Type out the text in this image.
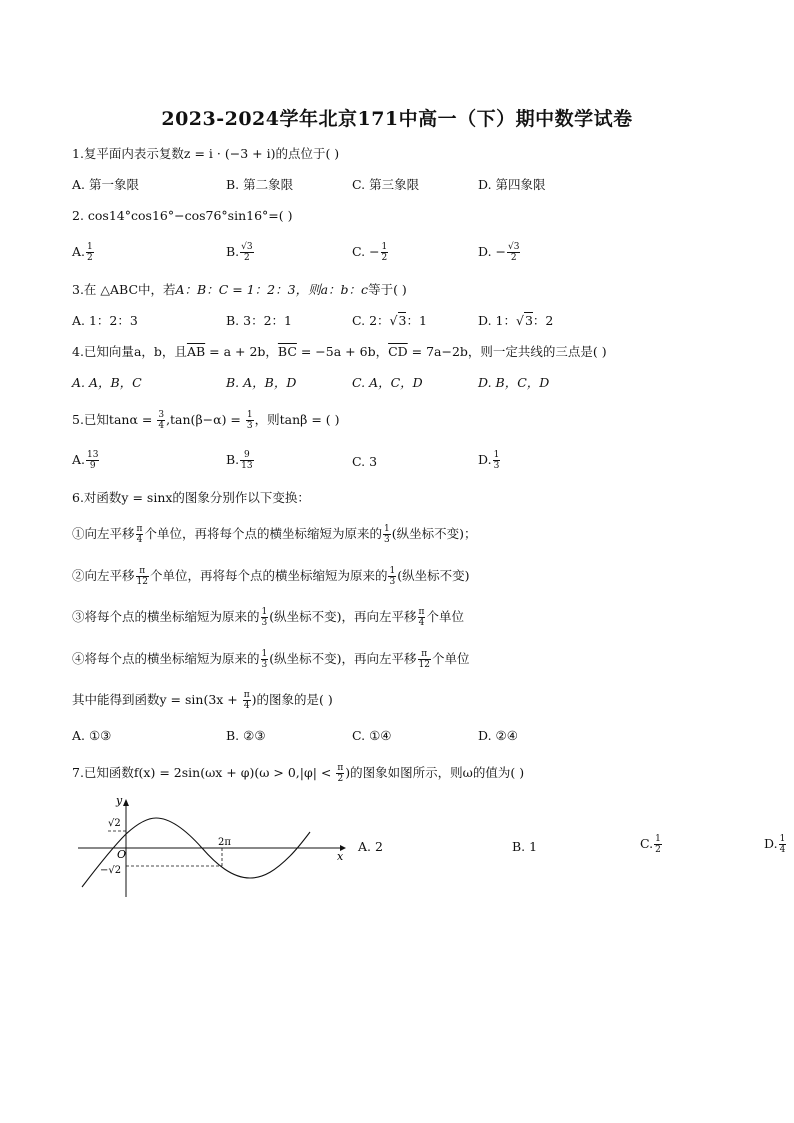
2023-2024学年北京171中高一（下）期中数学试卷
1.复平面内表示复数z = i · (−3 + i)的点位于( )
A. 第一象限	B. 第二象限	C. 第三象限	D. 第四象限
2. cos14°cos16°−cos76°sin16°=( )
A. $\frac{1}{2}$	B. $\frac{√3}{2}$	C. − $\frac{1}{2}$	D. − $\frac{√3}{2}$
3.在 △ABC中，若A：B：C = 1：2：3，则a：b：c等于( )
A. 1：2：3	B. 3：2：1	C. 2：√3：1	D. 1：√3：2
4.已知向量a，b，且$\overline{AB} = a + 2b$，$\overline{BC} = -5a + 6b$，$\overline{CD} = 7a-2b$，则一定共线的三点是( )
A. A，B，C	B. A，B，D	C. A，C，D	D. B，C，D
5.已知$\tan\alpha = \frac{3}{4} ,\tan(\beta-\alpha) = \frac{1}{3}$ ，则tanβ = ( )
A. $\frac{13}{9}$	B. $\frac{9}{13}$	C. 3	D. $\frac{1}{3}$
6.对函数y = sinx的图象分别作以下变换：
①向左平移 $\frac{\pi}{4}$ 个单位，再将每个点的横坐标缩短为原来的 $\frac{1}{3}$ (纵坐标不变)；
②向左平移 $\frac{\pi}{12}$ 个单位，再将每个点的横坐标缩短为原来的 $\frac{1}{3}$ (纵坐标不变)
③将每个点的横坐标缩短为原来的 $\frac{1}{3}$ (纵坐标不变)，再向左平移 $\frac{\pi}{4}$ 个单位
④将每个点的横坐标缩短为原来的 $\frac{1}{3}$ (纵坐标不变)，再向左平移 $\frac{\pi}{12}$ 个单位
其中能得到函数$y = \sin(3x + \frac{\pi}{4}$ )的图象的是( )
A. ①③	B. ②③	C. ①④	D. ②④
7.已知函数$f(x) = 2\sin(\omega x + \varphi)(\omega > 0,|\varphi| < \frac{\pi}{2}$ )的图象如图所示，则ω的值为( )
y
x
O
√2
−√2
2π	A. 2	B. 1	C. $\frac{1}{2}$	D. $\frac{1}{4}$
